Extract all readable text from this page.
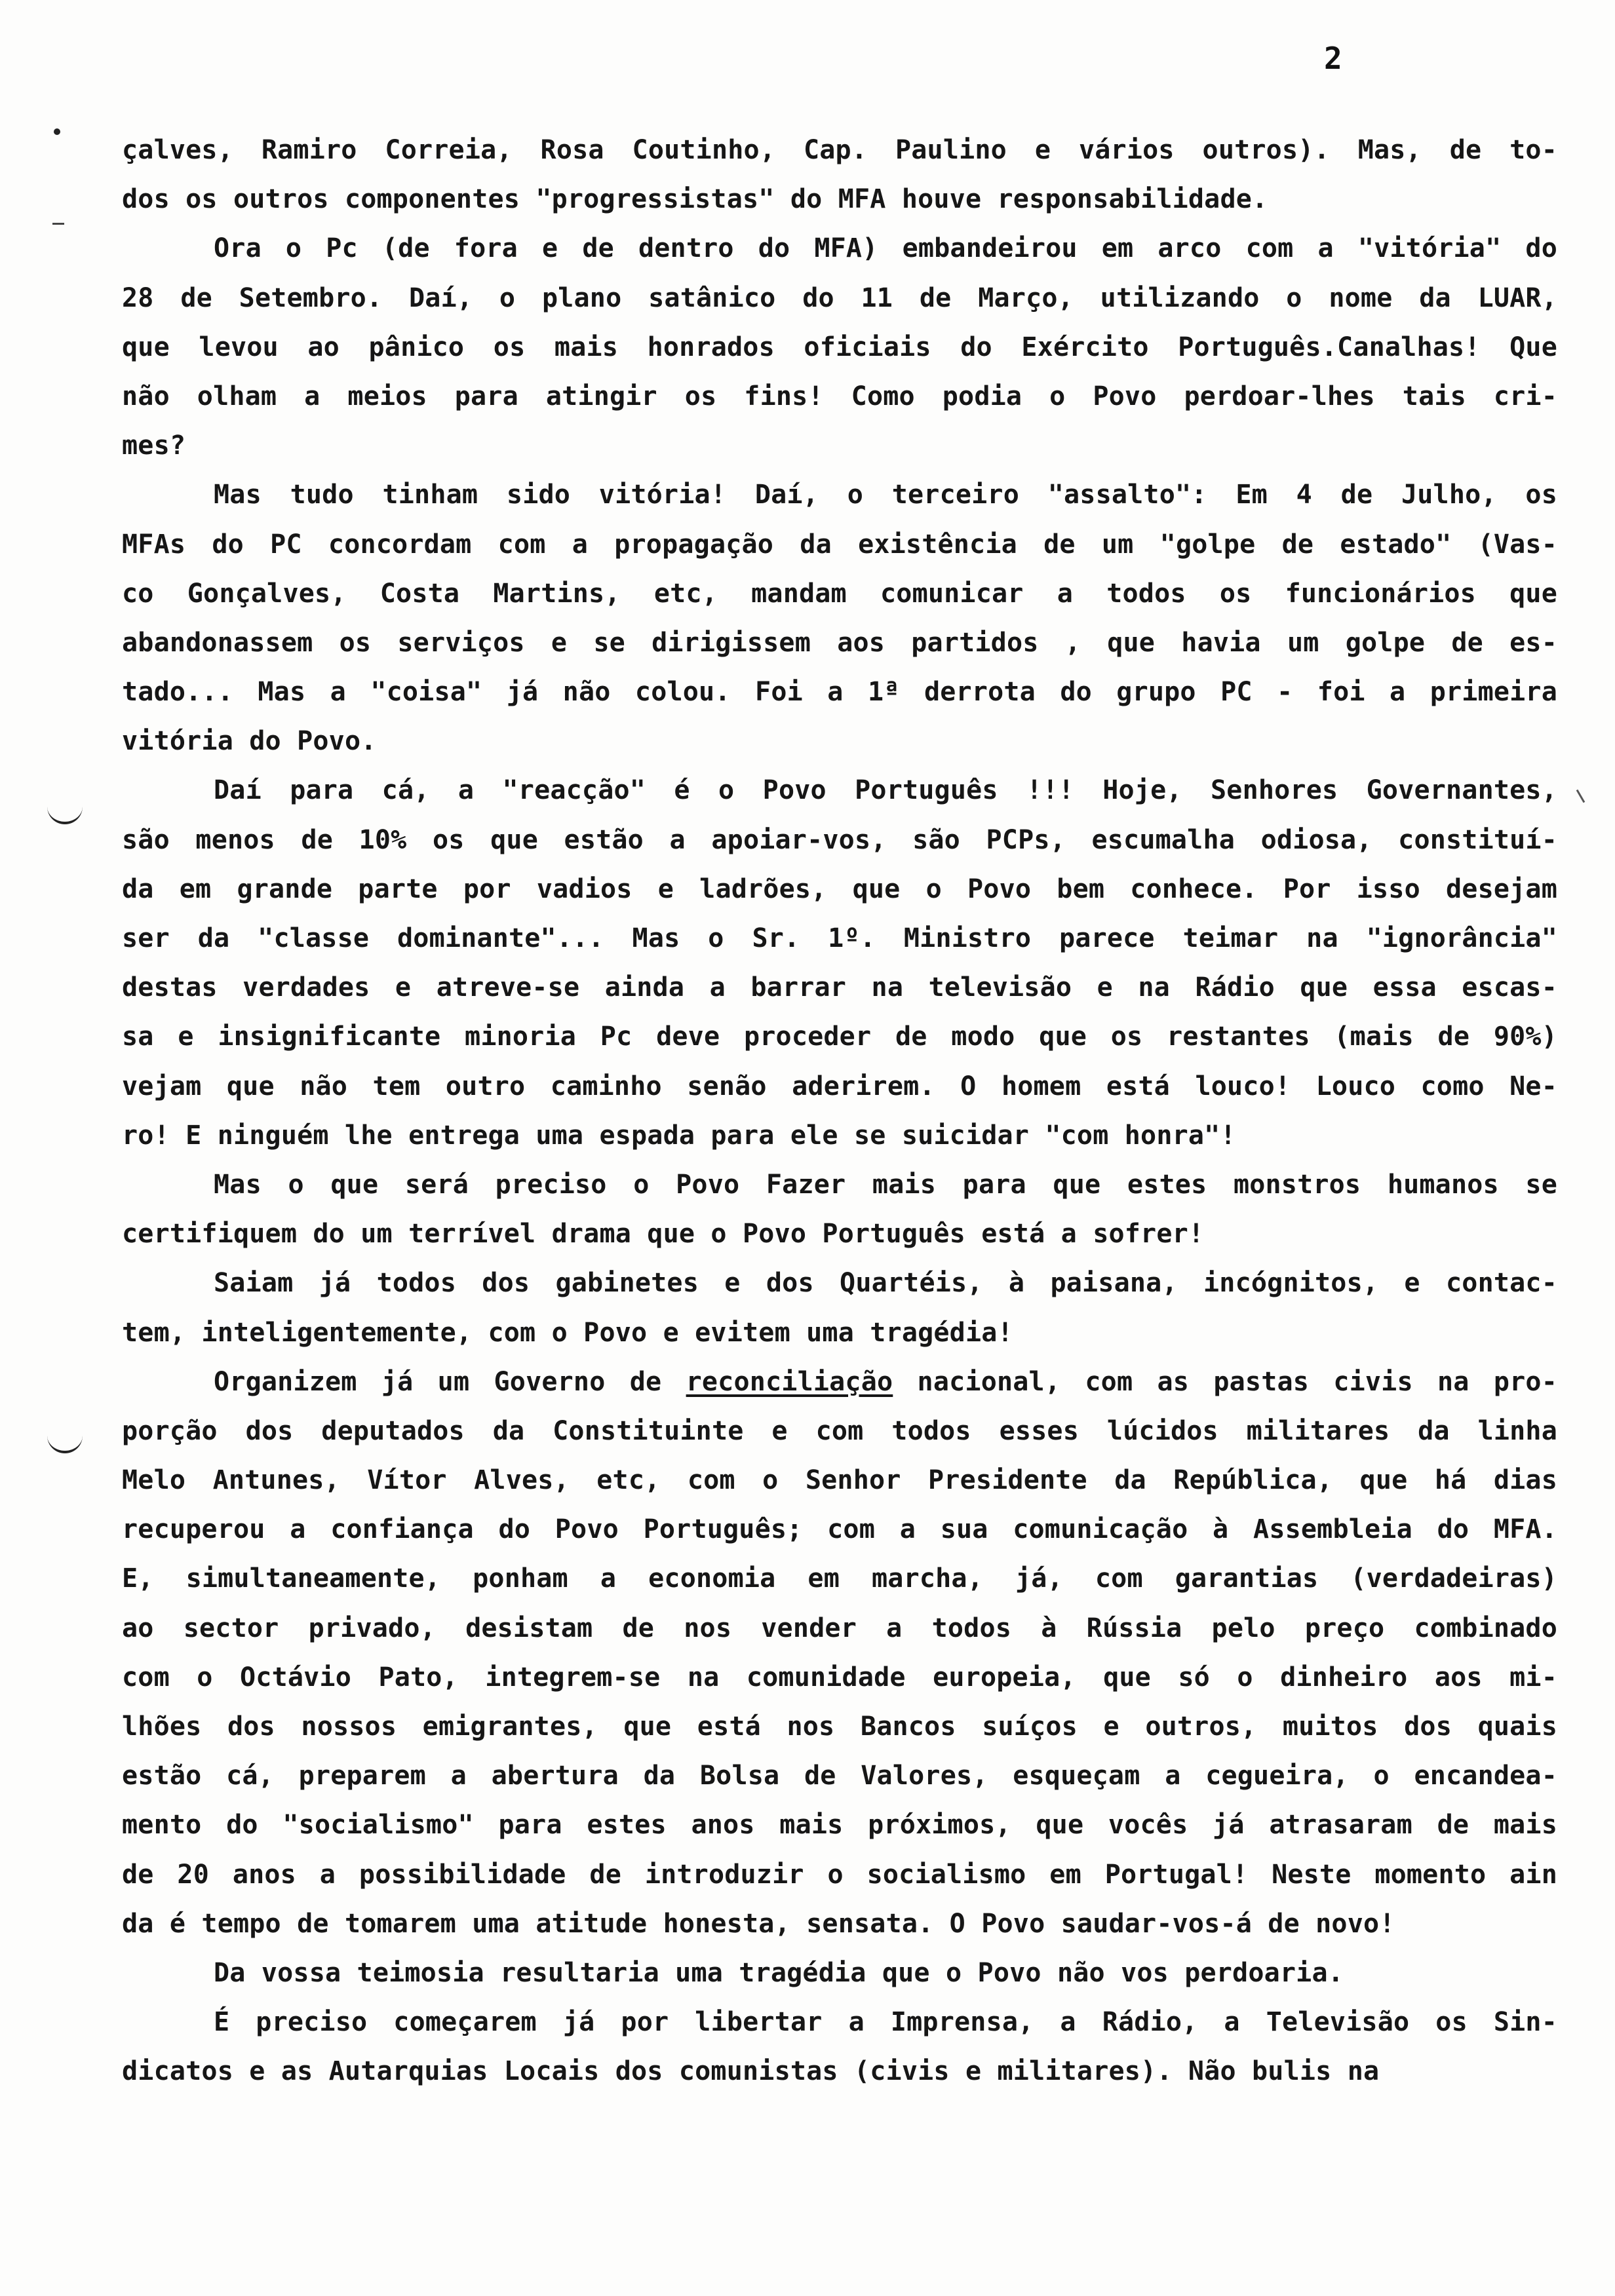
2
çalves, Ramiro Correia, Rosa Coutinho, Cap. Paulino e vários outros). Mas, de to-
dos os outros componentes "progressistas" do MFA houve responsabilidade.
Ora o Pc (de fora e de dentro do MFA) embandeirou em arco com a "vitória" do
28 de Setembro. Daí, o plano satânico do 11 de Março, utilizando o nome da LUAR,
que levou ao pânico os mais honrados oficiais do Exército Português.Canalhas! Que
não olham a meios para atingir os fins! Como podia o Povo perdoar-lhes tais cri-
mes?
Mas tudo tinham sido vitória! Daí, o terceiro "assalto": Em 4 de Julho, os
MFAs do PC concordam com a propagação da existência de um "golpe de estado" (Vas-
co Gonçalves, Costa Martins, etc, mandam comunicar a todos os funcionários que
abandonassem os serviços e se dirigissem aos partidos , que havia um golpe de es-
tado... Mas a "coisa" já não colou. Foi a 1ª derrota do grupo PC - foi a primeira
vitória do Povo.
Daí para cá, a "reacção" é o Povo Português !!! Hoje, Senhores Governantes,
são menos de 10% os que estão a apoiar-vos, são PCPs, escumalha odiosa, constituí-
da em grande parte por vadios e ladrões, que o Povo bem conhece. Por isso desejam
ser da "classe dominante"... Mas o Sr. 1º. Ministro parece teimar na "ignorância"
destas verdades e atreve-se ainda a barrar na televisão e na Rádio que essa escas-
sa e insignificante minoria Pc deve proceder de modo que os restantes (mais de 90%)
vejam que não tem outro caminho senão aderirem. O homem está louco! Louco como Ne-
ro! E ninguém lhe entrega uma espada para ele se suicidar "com honra"!
Mas o que será preciso o Povo Fazer mais para que estes monstros humanos se
certifiquem do um terrível drama que o Povo Português está a sofrer!
Saiam já todos dos gabinetes e dos Quartéis, à paisana, incógnitos, e contac-
tem, inteligentemente, com o Povo e evitem uma tragédia!
Organizem já um Governo de reconciliação nacional, com as pastas civis na pro-
porção dos deputados da Constituinte e com todos esses lúcidos militares da linha
Melo Antunes, Vítor Alves, etc, com o Senhor Presidente da República, que há dias
recuperou a confiança do Povo Português; com a sua comunicação à Assembleia do MFA.
E, simultaneamente, ponham a economia em marcha, já, com garantias (verdadeiras)
ao sector privado, desistam de nos vender a todos à Rússia pelo preço combinado
com o Octávio Pato, integrem-se na comunidade europeia, que só o dinheiro aos mi-
lhões dos nossos emigrantes, que está nos Bancos suíços e outros, muitos dos quais
estão cá, preparem a abertura da Bolsa de Valores, esqueçam a cegueira, o encandea-
mento do "socialismo" para estes anos mais próximos, que vocês já atrasaram de mais
de 20 anos a possibilidade de introduzir o socialismo em Portugal! Neste momento ain
da é tempo de tomarem uma atitude honesta, sensata. O Povo saudar-vos-á de novo!
Da vossa teimosia resultaria uma tragédia que o Povo não vos perdoaria.
É preciso começarem já por libertar a Imprensa, a Rádio, a Televisão os Sin-
dicatos e as Autarquias Locais dos comunistas (civis e militares). Não bulis na
